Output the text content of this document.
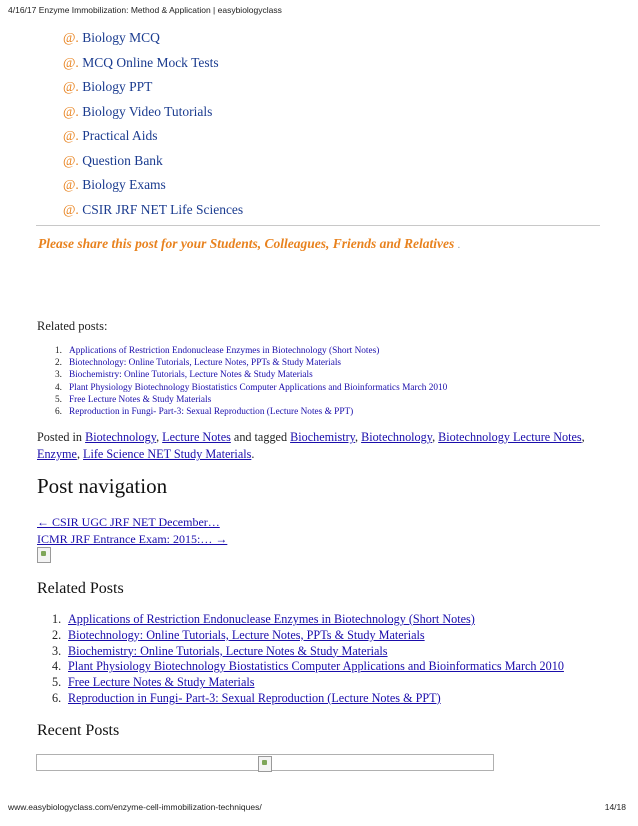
4/16/17 Enzyme Immobilization: Method & Application | easybiologyclass
@. Biology MCQ
@. MCQ Online Mock Tests
@. Biology PPT
@. Biology Video Tutorials
@. Practical Aids
@. Question Bank
@. Biology Exams
@. CSIR JRF NET Life Sciences
Please share this post for your Students, Colleagues, Friends and Relatives .
Related posts:
1. Applications of Restriction Endonuclease Enzymes in Biotechnology (Short Notes)
2. Biotechnology: Online Tutorials, Lecture Notes, PPTs & Study Materials
3. Biochemistry: Online Tutorials, Lecture Notes & Study Materials
4. Plant Physiology Biotechnology Biostatistics Computer Applications and Bioinformatics March 2010
5. Free Lecture Notes & Study Materials
6. Reproduction in Fungi- Part-3: Sexual Reproduction (Lecture Notes & PPT)
Posted in Biotechnology, Lecture Notes and tagged Biochemistry, Biotechnology, Biotechnology Lecture Notes, Enzyme, Life Science NET Study Materials.
Post navigation
← CSIR UGC JRF NET December…
ICMR JRF Entrance Exam: 2015:… →
Related Posts
1. Applications of Restriction Endonuclease Enzymes in Biotechnology (Short Notes)
2. Biotechnology: Online Tutorials, Lecture Notes, PPTs & Study Materials
3. Biochemistry: Online Tutorials, Lecture Notes & Study Materials
4. Plant Physiology Biotechnology Biostatistics Computer Applications and Bioinformatics March 2010
5. Free Lecture Notes & Study Materials
6. Reproduction in Fungi- Part-3: Sexual Reproduction (Lecture Notes & PPT)
Recent Posts
www.easybiologyclass.com/enzyme-cell-immobilization-techniques/	14/18
